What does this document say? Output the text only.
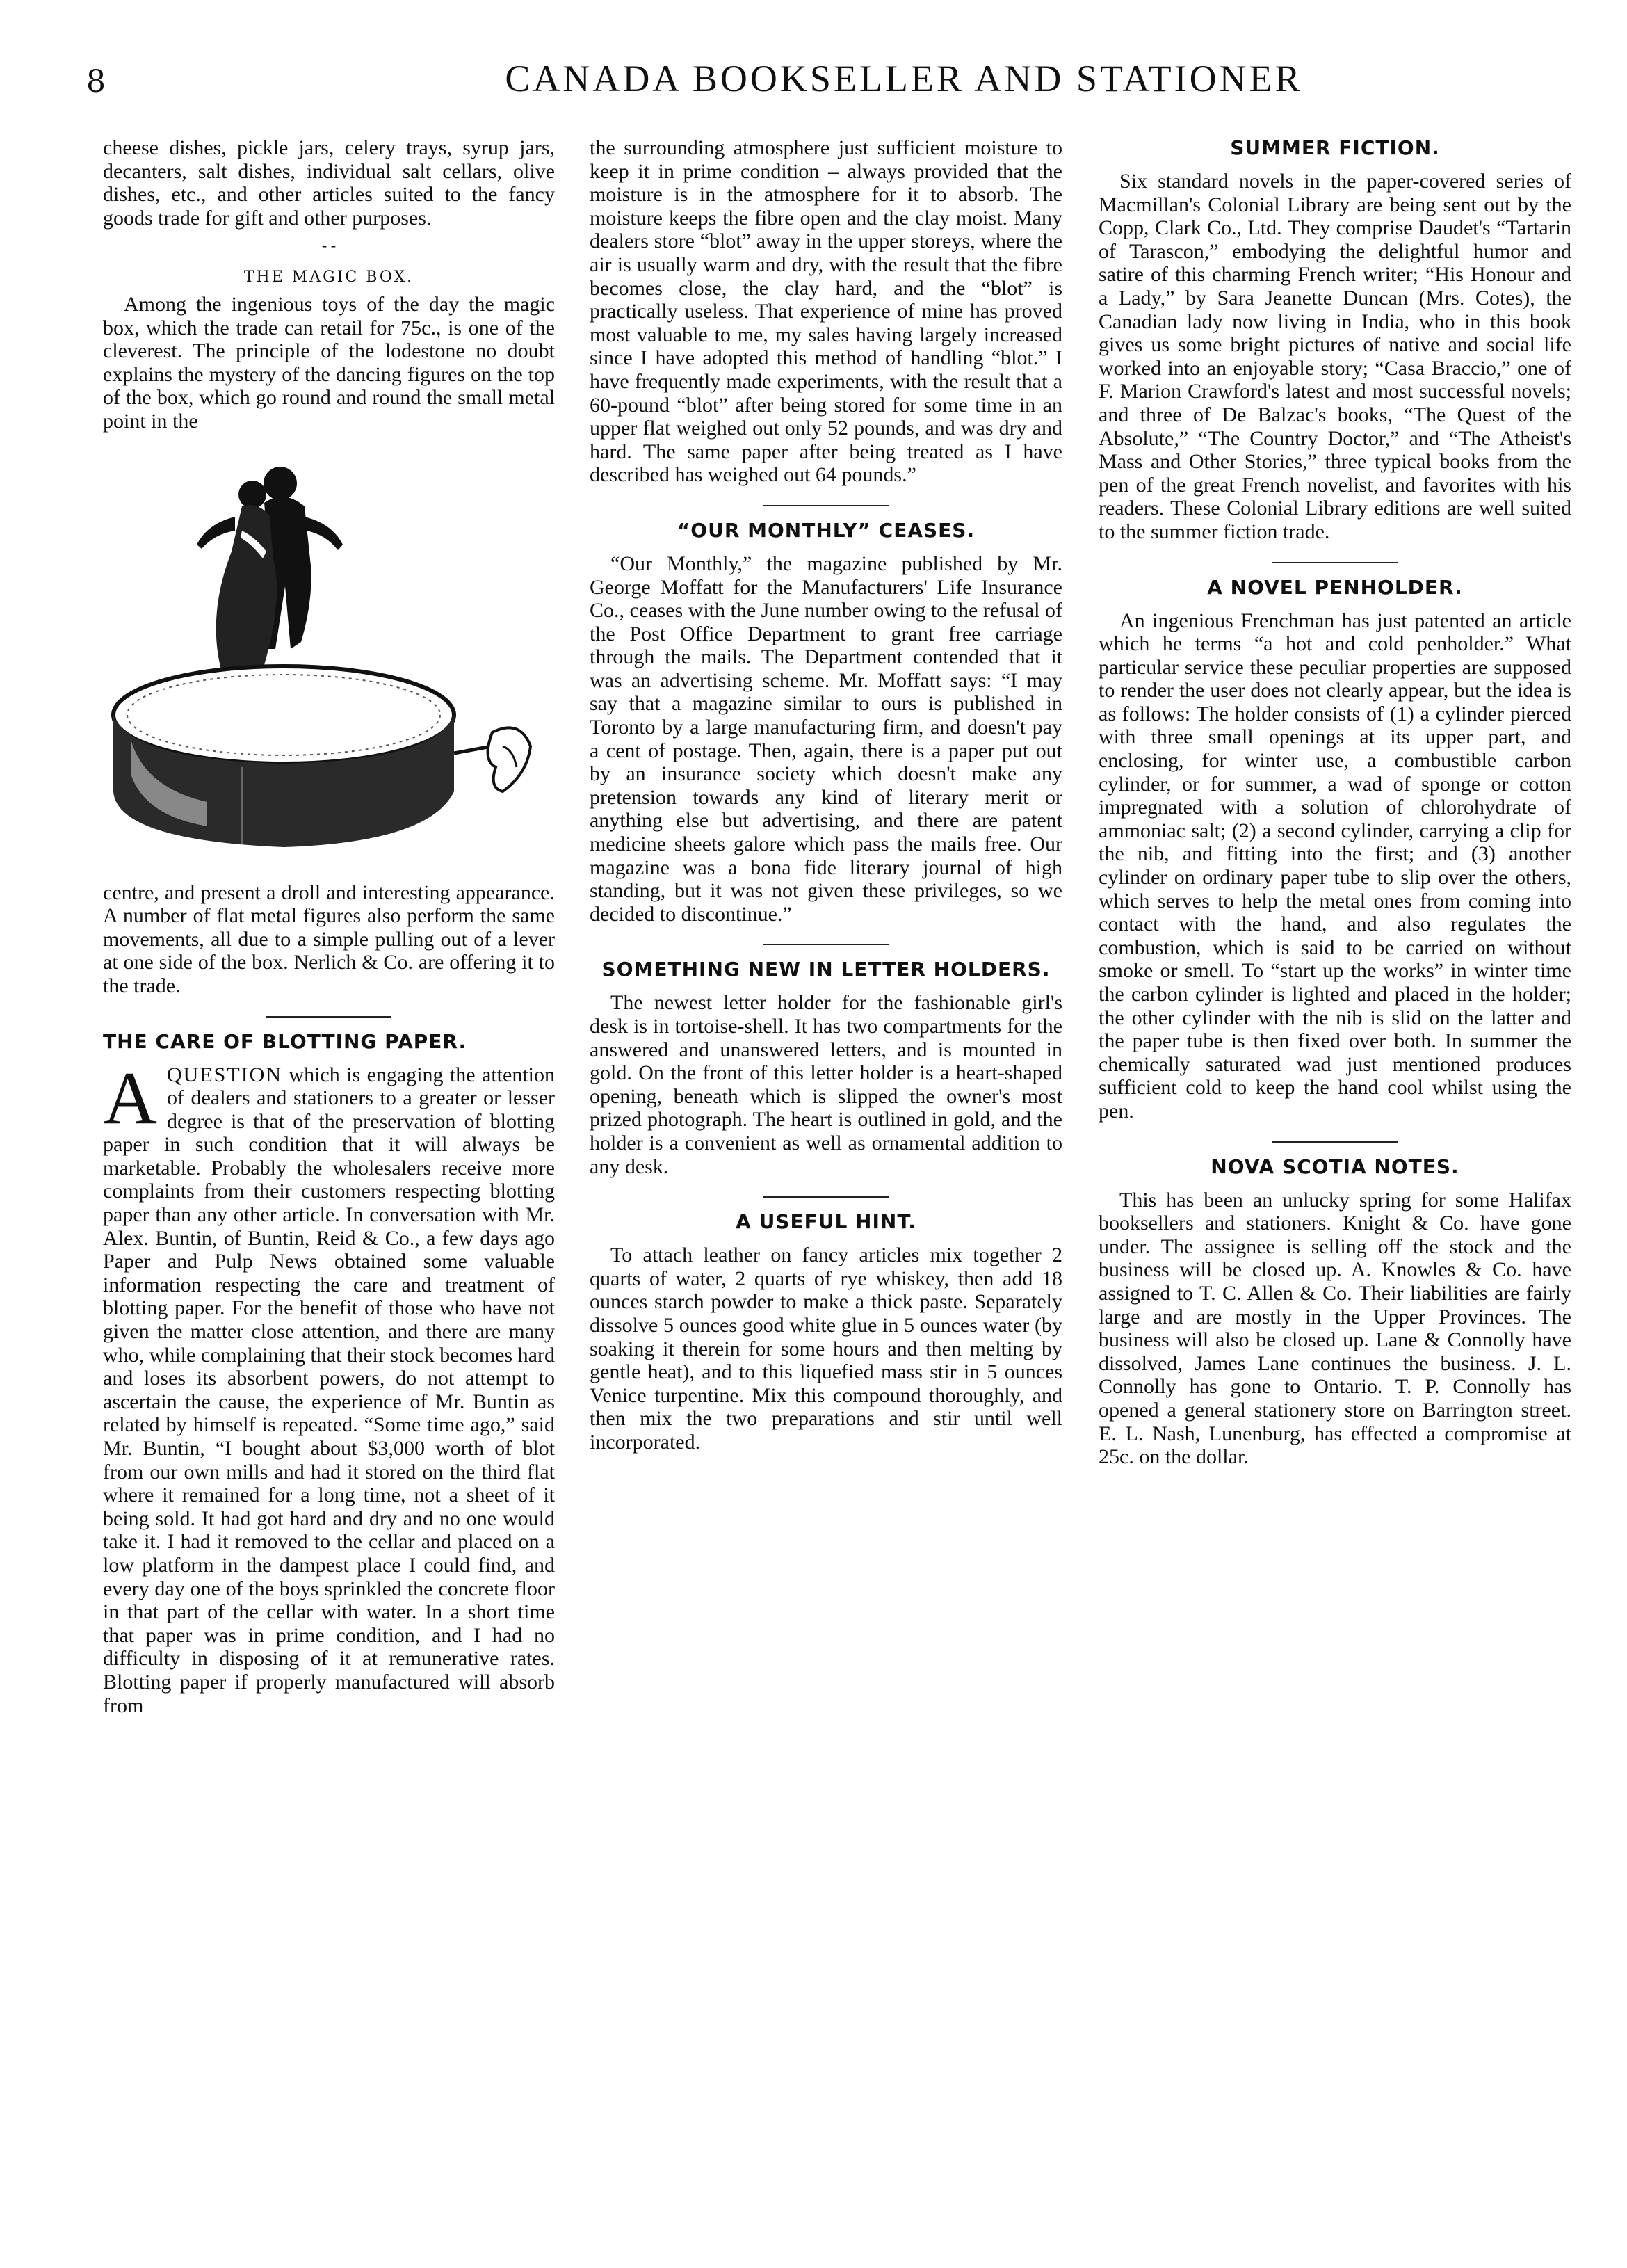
8	CANADA BOOKSELLER AND STATIONER

cheese dishes, pickle jars, celery trays, syrup jars, decanters, salt dishes, individual salt cellars, olive dishes, etc., and other articles suited to the fancy goods trade for gift and other purposes.

- -
THE MAGIC BOX.

Among the ingenious toys of the day the magic box, which the trade can retail for 75c., is one of the cleverest. The principle of the lodestone no doubt explains the mystery of the dancing figures on the top of the box, which go round and round the small metal point in the

centre, and present a droll and interesting appearance. A number of flat metal figures also perform the same movements, all due to a simple pulling out of a lever at one side of the box. Nerlich & Co. are offering it to the trade.

THE CARE OF BLOTTING PAPER.

AQUESTION which is engaging the attention of dealers and stationers to a greater or lesser degree is that of the preservation of blotting paper in such condition that it will always be marketable. Probably the wholesalers receive more complaints from their customers respecting blotting paper than any other article. In conversation with Mr. Alex. Buntin, of Buntin, Reid & Co., a few days ago Paper and Pulp News obtained some valuable information respecting the care and treatment of blotting paper. For the benefit of those who have not given the matter close attention, and there are many who, while complaining that their stock becomes hard and loses its absorbent powers, do not attempt to ascertain the cause, the experience of Mr. Buntin as related by himself is repeated. “Some time ago,” said Mr. Buntin, “I bought about $3,000 worth of blot from our own mills and had it stored on the third flat where it remained for a long time, not a sheet of it being sold. It had got hard and dry and no one would take it. I had it removed to the cellar and placed on a low platform in the dampest place I could find, and every day one of the boys sprinkled the concrete floor in that part of the cellar with water. In a short time that paper was in prime condition, and I had no difficulty in disposing of it at remunerative rates. Blotting paper if properly manufactured will absorb from

the surrounding atmosphere just sufficient moisture to keep it in prime condition – always provided that the moisture is in the atmosphere for it to absorb. The moisture keeps the fibre open and the clay moist. Many dealers store “blot” away in the upper storeys, where the air is usually warm and dry, with the result that the fibre becomes close, the clay hard, and the “blot” is practically useless. That experience of mine has proved most valuable to me, my sales having largely increased since I have adopted this method of handling “blot.” I have frequently made experiments, with the result that a 60-pound “blot” after being stored for some time in an upper flat weighed out only 52 pounds, and was dry and hard. The same paper after being treated as I have described has weighed out 64 pounds.”

“OUR MONTHLY” CEASES.

“Our Monthly,” the magazine published by Mr. George Moffatt for the Manufacturers' Life Insurance Co., ceases with the June number owing to the refusal of the Post Office Department to grant free carriage through the mails. The Department contended that it was an advertising scheme. Mr. Moffatt says: “I may say that a magazine similar to ours is published in Toronto by a large manufacturing firm, and doesn't pay a cent of postage. Then, again, there is a paper put out by an insurance society which doesn't make any pretension towards any kind of literary merit or anything else but advertising, and there are patent medicine sheets galore which pass the mails free. Our magazine was a bona fide literary journal of high standing, but it was not given these privileges, so we decided to discontinue.”

SOMETHING NEW IN LETTER HOLDERS.

The newest letter holder for the fashionable girl's desk is in tortoise-shell. It has two compartments for the answered and unanswered letters, and is mounted in gold. On the front of this letter holder is a heart-shaped opening, beneath which is slipped the owner's most prized photograph. The heart is outlined in gold, and the holder is a convenient as well as ornamental addition to any desk.

A USEFUL HINT.

To attach leather on fancy articles mix together 2 quarts of water, 2 quarts of rye whiskey, then add 18 ounces starch powder to make a thick paste. Separately dissolve 5 ounces good white glue in 5 ounces water (by soaking it therein for some hours and then melting by gentle heat), and to this liquefied mass stir in 5 ounces Venice turpentine. Mix this compound thoroughly, and then mix the two preparations and stir until well incorporated.

SUMMER FICTION.

Six standard novels in the paper-covered series of Macmillan's Colonial Library are being sent out by the Copp, Clark Co., Ltd. They comprise Daudet's “Tartarin of Tarascon,” embodying the delightful humor and satire of this charming French writer; “His Honour and a Lady,” by Sara Jeanette Duncan (Mrs. Cotes), the Canadian lady now living in India, who in this book gives us some bright pictures of native and social life worked into an enjoyable story; “Casa Braccio,” one of F. Marion Crawford's latest and most successful novels; and three of De Balzac's books, “The Quest of the Absolute,” “The Country Doctor,” and “The Atheist's Mass and Other Stories,” three typical books from the pen of the great French novelist, and favorites with his readers. These Colonial Library editions are well suited to the summer fiction trade.

A NOVEL PENHOLDER.

An ingenious Frenchman has just patented an article which he terms “a hot and cold penholder.” What particular service these peculiar properties are supposed to render the user does not clearly appear, but the idea is as follows: The holder consists of (1) a cylinder pierced with three small openings at its upper part, and enclosing, for winter use, a combustible carbon cylinder, or for summer, a wad of sponge or cotton impregnated with a solution of chlorohydrate of ammoniac salt; (2) a second cylinder, carrying a clip for the nib, and fitting into the first; and (3) another cylinder on ordinary paper tube to slip over the others, which serves to help the metal ones from coming into contact with the hand, and also regulates the combustion, which is said to be carried on without smoke or smell. To “start up the works” in winter time the carbon cylinder is lighted and placed in the holder; the other cylinder with the nib is slid on the latter and the paper tube is then fixed over both. In summer the chemically saturated wad just mentioned produces sufficient cold to keep the hand cool whilst using the pen.

NOVA SCOTIA NOTES.

This has been an unlucky spring for some Halifax booksellers and stationers. Knight & Co. have gone under. The assignee is selling off the stock and the business will be closed up. A. Knowles & Co. have assigned to T. C. Allen & Co. Their liabilities are fairly large and are mostly in the Upper Provinces. The business will also be closed up. Lane & Connolly have dissolved, James Lane continues the business. J. L. Connolly has gone to Ontario. T. P. Connolly has opened a general stationery store on Barrington street. E. L. Nash, Lunenburg, has effected a compromise at 25c. on the dollar.
